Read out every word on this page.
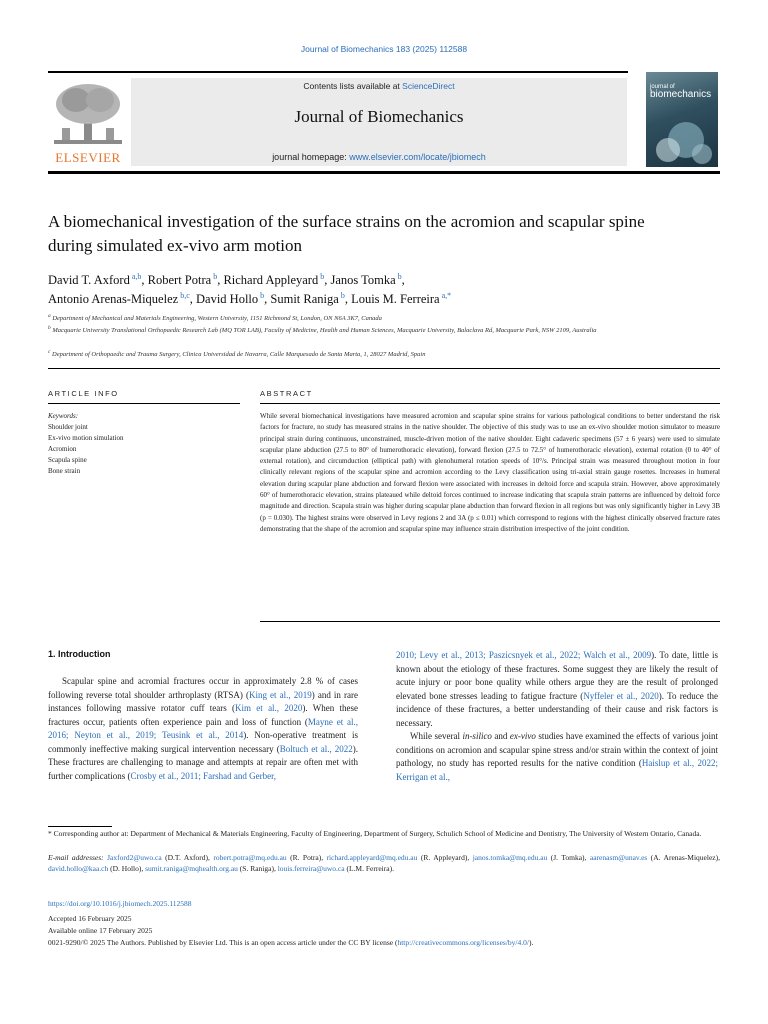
Journal of Biomechanics 183 (2025) 112588
ELSEVIER
Contents lists available at ScienceDirect
Journal of Biomechanics
journal homepage: www.elsevier.com/locate/jbiomech
journal of
biomechanics
A biomechanical investigation of the surface strains on the acromion and scapular spine during simulated ex-vivo arm motion
David T. Axford $^{a,b}$, Robert Potra $^b$, Richard Appleyard $^b$, Janos Tomka $^b$,
Antonio Arenas-Miquelez $^{b,c}$, David Hollo $^b$, Sumit Raniga $^b$, Louis M. Ferreira $^{a,*}$
$^a$ Department of Mechanical and Materials Engineering, Western University, 1151 Richmond St, London, ON N6A 3K7, Canada
$^b$ Macquarie University Translational Orthopaedic Research Lab (MQ TOR LAB), Faculty of Medicine, Health and Human Sciences, Macquarie University, Balaclava Rd, Macquarie Park, NSW 2109, Australia
$^c$ Department of Orthopaedic and Trauma Surgery, Clinica Universidad de Navarra, Calle Marquesado de Santa Marta, 1, 28027 Madrid, Spain
ARTICLE INFO
Keywords:
Shoulder joint
Ex-vivo motion simulation
Acromion
Scapula spine
Bone strain
ABSTRACT
While several biomechanical investigations have measured acromion and scapular spine strains for various pathological conditions to better understand the risk factors for fracture, no study has measured strains in the native shoulder. The objective of this study was to use an ex-vivo shoulder motion simulator to measure principal strain during continuous, unconstrained, muscle-driven motion of the native shoulder. Eight cadaveric specimens (57 ± 6 years) were used to simulate scapular plane abduction (27.5 to 80° of humerothoracic elevation), forward flexion (27.5 to 72.5° of humerothoracic elevation), external rotation (0 to 40° of external rotation), and circumduction (elliptical path) with glenohumeral rotation speeds of 10°/s. Principal strain was measured throughout motion in four clinically relevant regions of the scapular spine and acromion according to the Levy classification using tri-axial strain gauge rosettes. Increases in humeral elevation during scapular plane abduction and forward flexion were associated with increases in deltoid force and scapula strain. However, above approximately 60° of humerothoracic elevation, strains plateaued while deltoid forces continued to increase indicating that scapula strain patterns are influenced by deltoid force magnitude and direction. Scapula strain was higher during scapular plane abduction than forward flexion in all regions but was only significantly higher in Levy 3B (p = 0.030). The highest strains were observed in Levy regions 2 and 3A (p ≤ 0.01) which correspond to regions with the highest clinically observed fracture rates demonstrating that the shape of the acromion and scapular spine may influence strain distribution irrespective of the joint condition.
1. Introduction
Scapular spine and acromial fractures occur in approximately 2.8 % of cases following reverse total shoulder arthroplasty (RTSA) (King et al., 2019) and in rare instances following massive rotator cuff tears (Kim et al., 2020). When these fractures occur, patients often experience pain and loss of function (Mayne et al., 2016; Neyton et al., 2019; Teusink et al., 2014). Non-operative treatment is commonly ineffective making surgical intervention necessary (Boltuch et al., 2022). These fractures are challenging to manage and attempts at repair are often met with further complications (Crosby et al., 2011; Farshad and Gerber,
2010; Levy et al., 2013; Paszicsnyek et al., 2022; Walch et al., 2009). To date, little is known about the etiology of these fractures. Some suggest they are likely the result of acute injury or poor bone quality while others argue they are the result of prolonged elevated bone stresses leading to fatigue fracture (Nyffeler et al., 2020). To reduce the incidence of these fractures, a better understanding of their cause and risk factors is necessary.
While several in-silico and ex-vivo studies have examined the effects of various joint conditions on acromion and scapular spine stress and/or strain within the context of joint pathology, no study has reported results for the native condition (Haislup et al., 2022; Kerrigan et al.,
* Corresponding author at: Department of Mechanical & Materials Engineering, Faculty of Engineering, Department of Surgery, Schulich School of Medicine and Dentistry, The University of Western Ontario, Canada.
E-mail addresses: Jaxford2@uwo.ca (D.T. Axford), robert.potra@mq.edu.au (R. Potra), richard.appleyard@mq.edu.au (R. Appleyard), janos.tomka@mq.edu.au (J. Tomka), aarenasm@unav.es (A. Arenas-Miquelez), david.hollo@kaa.ch (D. Hollo), sumit.raniga@mqhealth.org.au (S. Raniga), louis.ferreira@uwo.ca (L.M. Ferreira).
https://doi.org/10.1016/j.jbiomech.2025.112588
Accepted 16 February 2025
Available online 17 February 2025
0021-9290/© 2025 The Authors. Published by Elsevier Ltd. This is an open access article under the CC BY license (http://creativecommons.org/licenses/by/4.0/).
